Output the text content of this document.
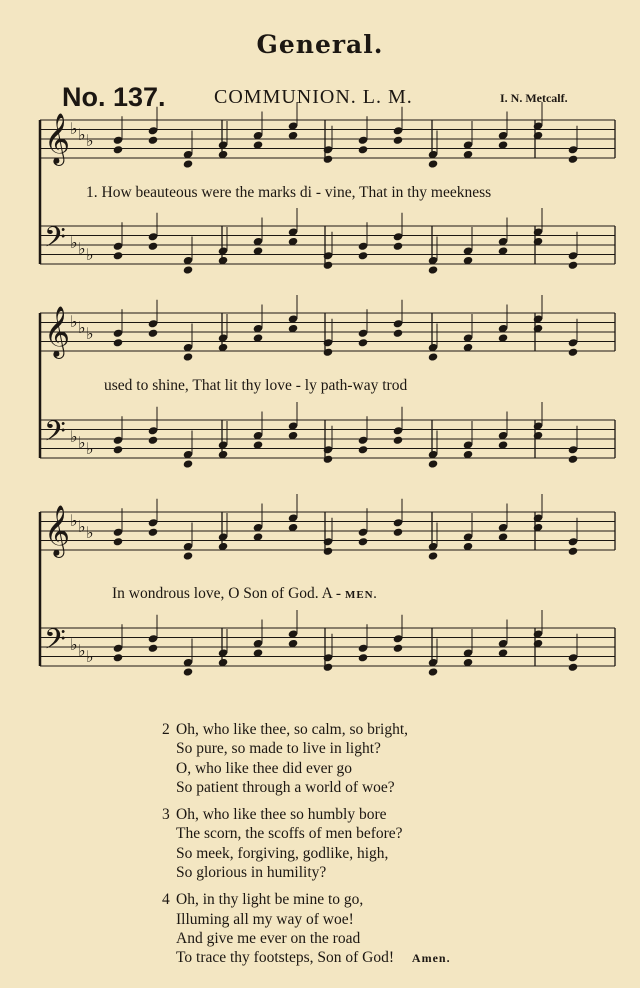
General.
No. 137. COMMUNION. L. M.	I. N. Metcalf.
𝄞 ♭ ♭ ♭
𝄢 ♭ ♭ ♭
𝄞 ♭ ♭ ♭
𝄢 ♭ ♭ ♭
𝄞 ♭ ♭ ♭
𝄢 ♭ ♭ ♭
1. How beauteous were the marks di - vine, That in thy meekness
used to shine, That lit thy love - ly path-way trod
In wondrous love, O Son of God. A - MEN.
2 Oh, who like thee, so calm, so bright,
So pure, so made to live in light?
O, who like thee did ever go
So patient through a world of woe?
3 Oh, who like thee so humbly bore
The scorn, the scoffs of men before?
So meek, forgiving, godlike, high,
So glorious in humility?
4 Oh, in thy light be mine to go,
Illuming all my way of woe!
And give me ever on the road
To trace thy footsteps, Son of God! Amen.
